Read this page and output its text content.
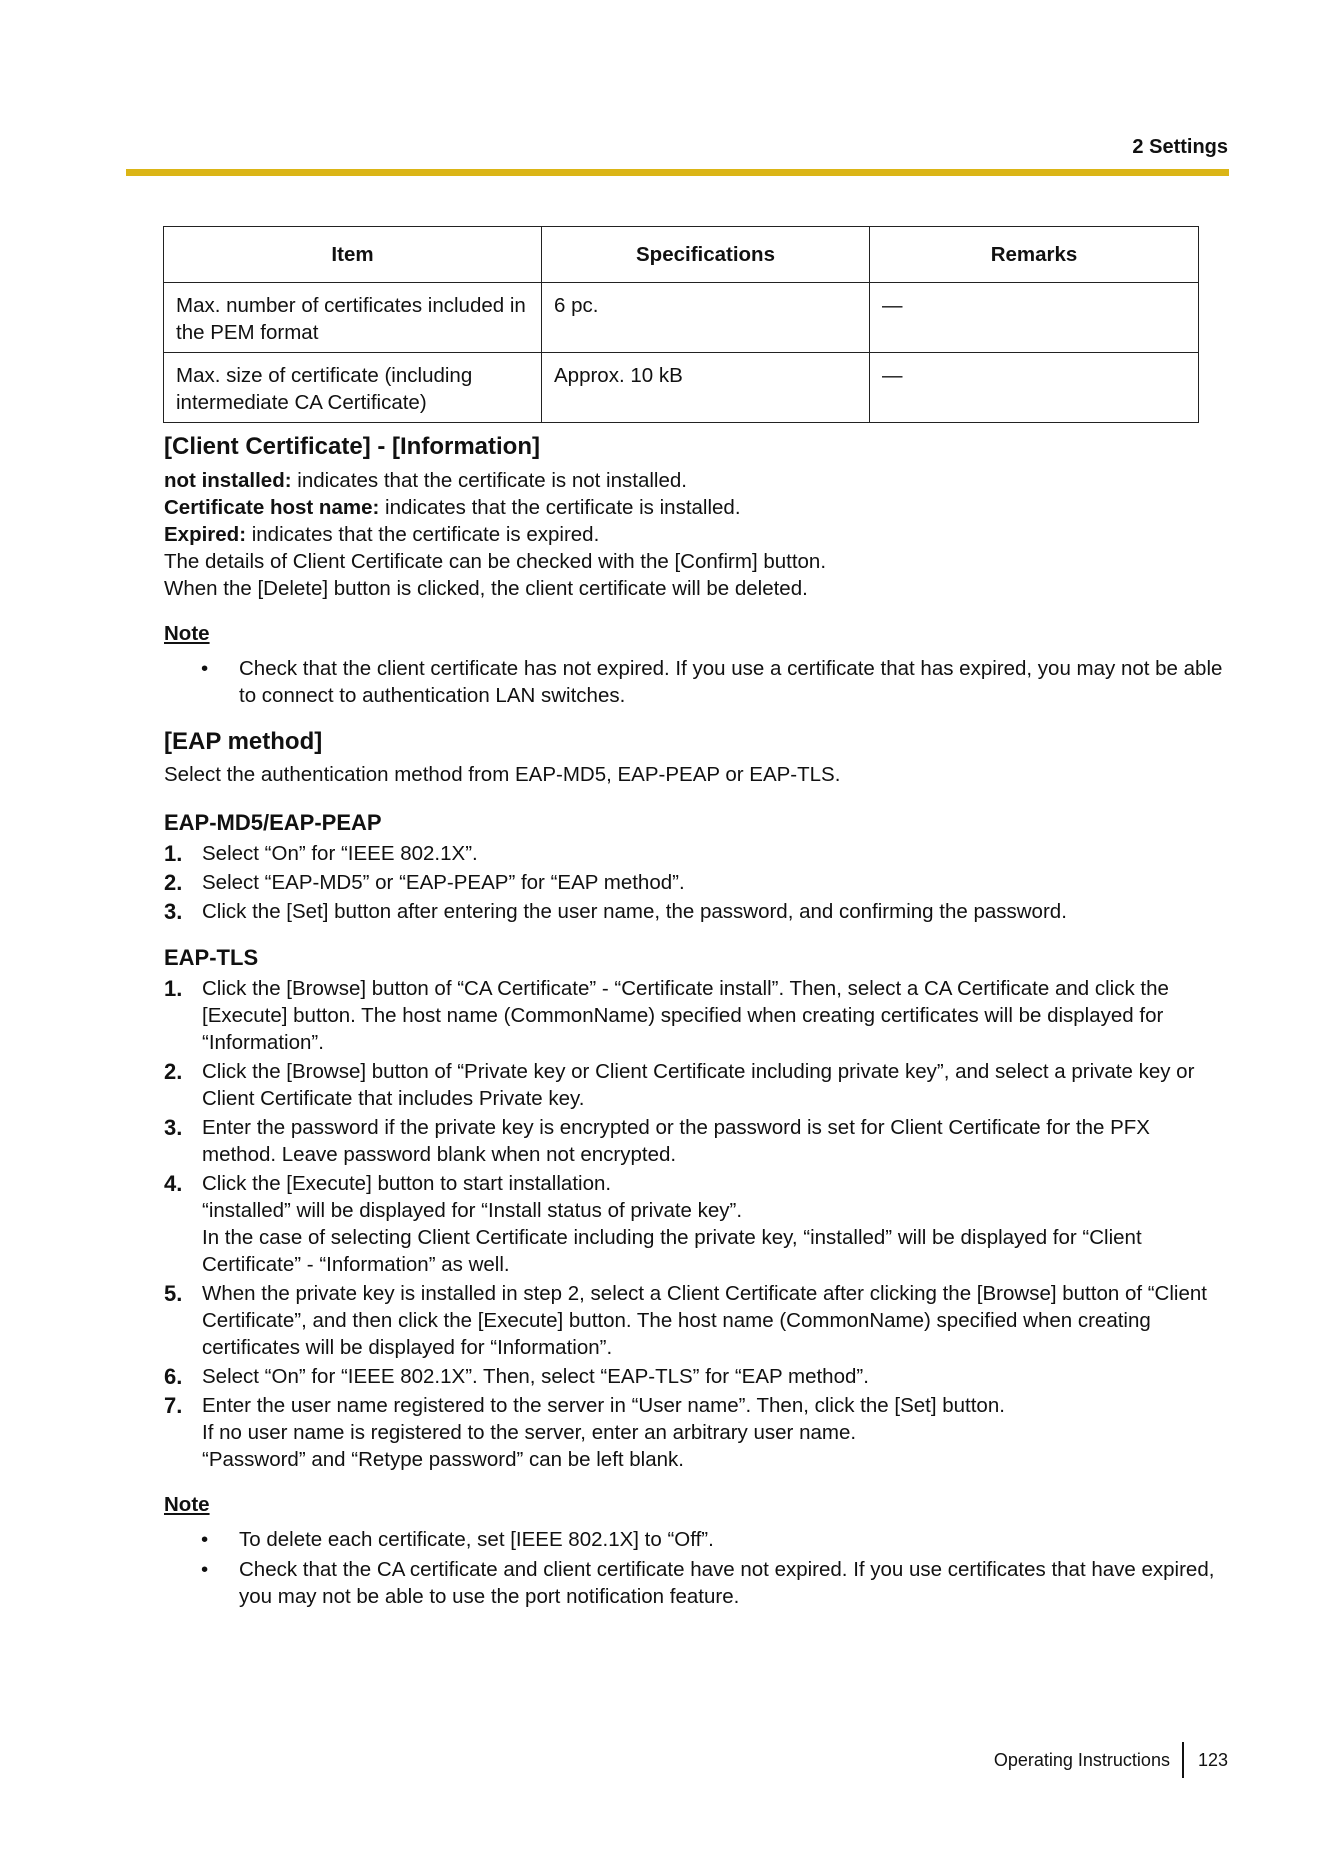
2 Settings
Item	Specifications	Remarks
Max. number of certificates included in the PEM format	6 pc.	—
Max. size of certificate (including intermediate CA Certificate)	Approx. 10 kB	—
[Client Certificate] - [Information]

not installed: indicates that the certificate is not installed.

Certificate host name: indicates that the certificate is installed.

Expired: indicates that the certificate is expired.

The details of Client Certificate can be checked with the [Confirm] button.

When the [Delete] button is clicked, the client certificate will be deleted.

Note
• Check that the client certificate has not expired. If you use a certificate that has expired, you may not be able to connect to authentication LAN switches.
[EAP method]

Select the authentication method from EAP-MD5, EAP-PEAP or EAP-TLS.

EAP-MD5/EAP-PEAP
1. Select “On” for “IEEE 802.1X”.
2. Select “EAP-MD5” or “EAP-PEAP” for “EAP method”.
3. Click the [Set] button after entering the user name, the password, and confirming the password.
EAP-TLS
1. Click the [Browse] button of “CA Certificate” - “Certificate install”. Then, select a CA Certificate and click the [Execute] button. The host name (CommonName) specified when creating certificates will be displayed for “Information”.
2. Click the [Browse] button of “Private key or Client Certificate including private key”, and select a private key or Client Certificate that includes Private key.
3. Enter the password if the private key is encrypted or the password is set for Client Certificate for the PFX method. Leave password blank when not encrypted.
4. Click the [Execute] button to start installation.
“installed” will be displayed for “Install status of private key”.
In the case of selecting Client Certificate including the private key, “installed” will be displayed for “Client Certificate” - “Information” as well.
5. When the private key is installed in step 2, select a Client Certificate after clicking the [Browse] button of “Client Certificate”, and then click the [Execute] button. The host name (CommonName) specified when creating certificates will be displayed for “Information”.
6. Select “On” for “IEEE 802.1X”. Then, select “EAP-TLS” for “EAP method”.
7. Enter the user name registered to the server in “User name”. Then, click the [Set] button.
If no user name is registered to the server, enter an arbitrary user name.
“Password” and “Retype password” can be left blank.
Note
• To delete each certificate, set [IEEE 802.1X] to “Off”.
• Check that the CA certificate and client certificate have not expired. If you use certificates that have expired, you may not be able to use the port notification feature.
Operating Instructions 123
